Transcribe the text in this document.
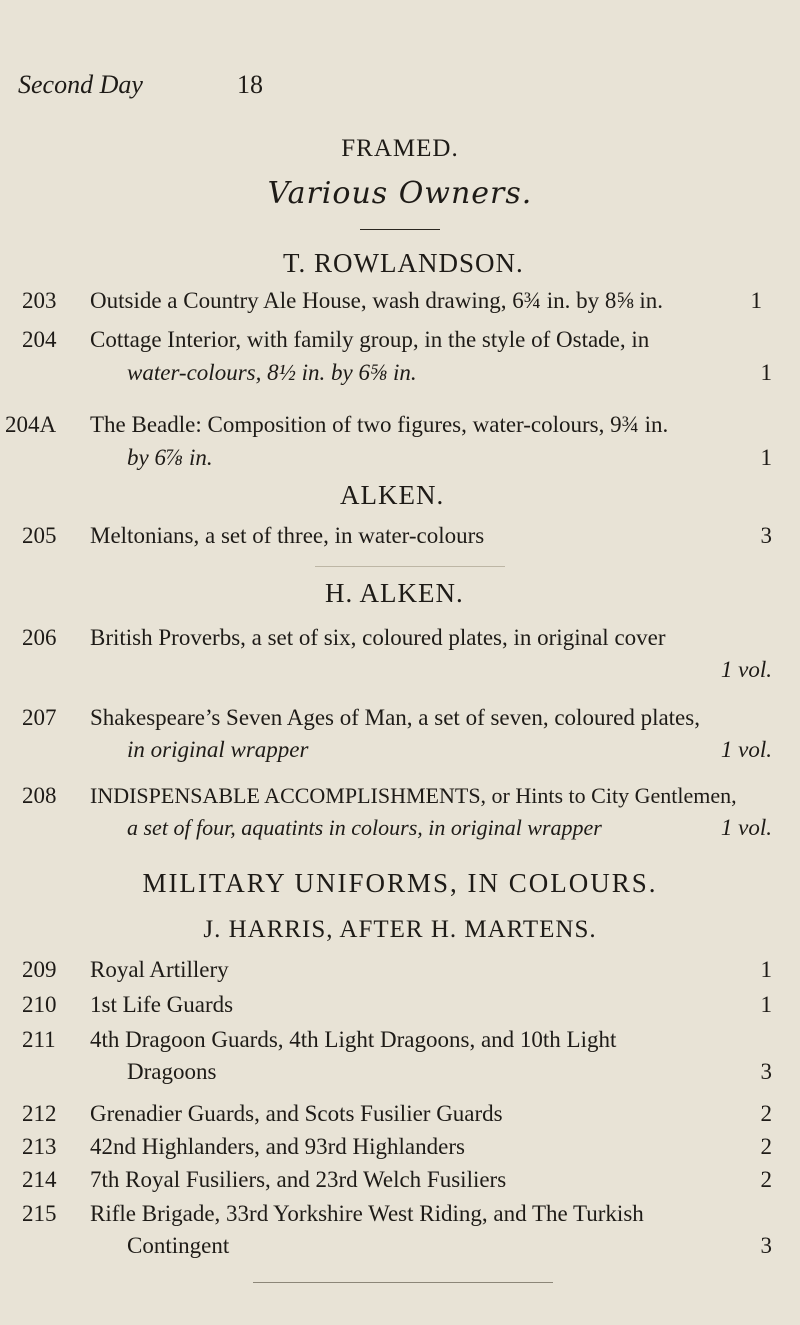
Second Day	18
FRAMED.
Various Owners.
T. ROWLANDSON.
203	Outside a Country Ale House, wash drawing, 6¾ in. by 8⅝ in.	1
204	Cottage Interior, with family group, in the style of Ostade, in
water-colours, 8½ in. by 6⅝ in.	1
204A The Beadle: Composition of two figures, water-colours, 9¾ in.
by 6⅞ in.	1
ALKEN.
205	Meltonians, a set of three, in water-colours	3
H. ALKEN.
206	British Proverbs, a set of six, coloured plates, in original cover
1 vol.
207	Shakespeare’s Seven Ages of Man, a set of seven, coloured plates,
in original wrapper	1 vol.
208	INDISPENSABLE ACCOMPLISHMENTS, or Hints to City Gentlemen,
a set of four, aquatints in colours, in original wrapper	1 vol.
MILITARY UNIFORMS, IN COLOURS.
J. HARRIS, AFTER H. MARTENS.
209	Royal Artillery	1
210	1st Life Guards	1
211	4th Dragoon Guards, 4th Light Dragoons, and 10th Light
Dragoons	3
212	Grenadier Guards, and Scots Fusilier Guards	2
213	42nd Highlanders, and 93rd Highlanders	2
214	7th Royal Fusiliers, and 23rd Welch Fusiliers	2
215	Rifle Brigade, 33rd Yorkshire West Riding, and The Turkish
Contingent	3
